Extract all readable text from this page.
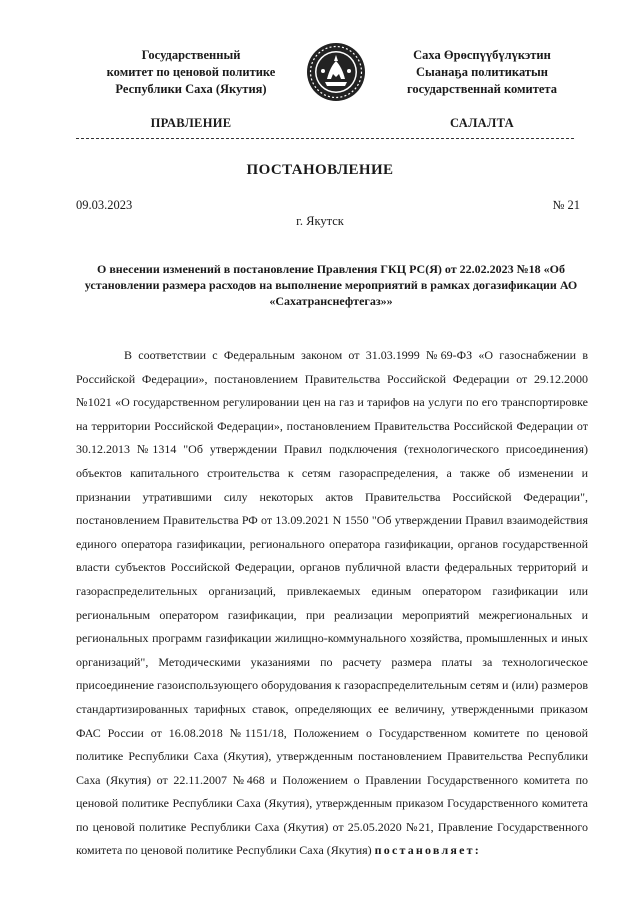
Государственный
комитет по ценовой политике
Республики Саха (Якутия)
Саха Өрөспүүбүлүкэтин
Сыанаҕа политикатын
государственнай комитета
ПРАВЛЕНИЕ	САЛАЛТА
ПОСТАНОВЛЕНИЕ
09.03.2023	№ 21
г. Якутск
О внесении изменений в постановление Правления ГКЦ РС(Я) от 22.02.2023 №18 «Об установлении размера расходов на выполнение мероприятий в рамках догазификации АО «Сахатранснефтегаз»»

В соответствии с Федеральным законом от 31.03.1999 №69-ФЗ «О газоснабжении в Российской Федерации», постановлением Правительства Российской Федерации от 29.12.2000 №1021 «О государственном регулировании цен на газ и тарифов на услуги по его транспортировке на территории Российской Федерации», постановлением Правительства Российской Федерации от 30.12.2013 №1314 "Об утверждении Правил подключения (технологического присоединения) объектов капитального строительства к сетям газораспределения, а также об изменении и признании утратившими силу некоторых актов Правительства Российской Федерации", постановлением Правительства РФ от 13.09.2021 N 1550 "Об утверждении Правил взаимодействия единого оператора газификации, регионального оператора газификации, органов государственной власти субъектов Российской Федерации, органов публичной власти федеральных территорий и газораспределительных организаций, привлекаемых единым оператором газификации или региональным оператором газификации, при реализации мероприятий межрегиональных и региональных программ газификации жилищно-коммунального хозяйства, промышленных и иных организаций", Методическими указаниями по расчету размера платы за технологическое присоединение газоиспользующего оборудования к газораспределительным сетям и (или) размеров стандартизированных тарифных ставок, определяющих ее величину, утвержденными приказом ФАС России от 16.08.2018 №1151/18, Положением о Государственном комитете по ценовой политике Республики Саха (Якутия), утвержденным постановлением Правительства Республики Саха (Якутия) от 22.11.2007 №468 и Положением о Правлении Государственного комитета по ценовой политике Республики Саха (Якутия), утвержденным приказом Государственного комитета по ценовой политике Республики Саха (Якутия) от 25.05.2020 №21, Правление Государственного комитета по ценовой политике Республики Саха (Якутия) постановляет:
